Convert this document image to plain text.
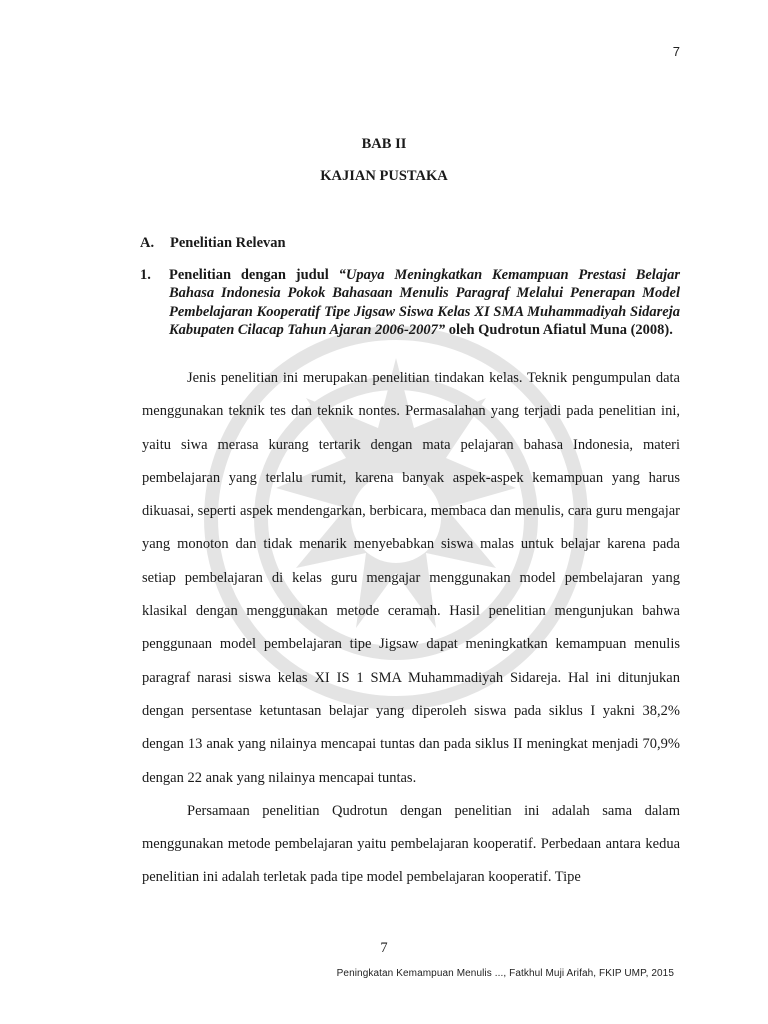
7
BAB II
KAJIAN PUSTAKA
A. Penelitian Relevan
1. Penelitian dengan judul “Upaya Meningkatkan Kemampuan Prestasi Belajar Bahasa Indonesia Pokok Bahasaan Menulis Paragraf Melalui Penerapan Model Pembelajaran Kooperatif Tipe Jigsaw Siswa Kelas XI SMA Muhammadiyah Sidareja Kabupaten Cilacap Tahun Ajaran 2006-2007” oleh Qudrotun Afiatul Muna (2008).

Jenis penelitian ini merupakan penelitian tindakan kelas. Teknik pengumpulan data menggunakan teknik tes dan teknik nontes. Permasalahan yang terjadi pada penelitian ini, yaitu siwa merasa kurang tertarik dengan mata pelajaran bahasa Indonesia, materi pembelajaran yang terlalu rumit, karena banyak aspek-aspek kemampuan yang harus dikuasai, seperti aspek mendengarkan, berbicara, membaca dan menulis, cara guru mengajar yang monoton dan tidak menarik menyebabkan siswa malas untuk belajar karena pada setiap pembelajaran di kelas guru mengajar menggunakan model pembelajaran yang klasikal dengan menggunakan metode ceramah. Hasil penelitian mengunjukan bahwa penggunaan model pembelajaran tipe Jigsaw dapat meningkatkan kemampuan menulis paragraf narasi siswa kelas XI IS 1 SMA Muhammadiyah Sidareja. Hal ini ditunjukan dengan persentase ketuntasan belajar yang diperoleh siswa pada siklus I yakni 38,2% dengan 13 anak yang nilainya mencapai tuntas dan pada siklus II meningkat menjadi 70,9% dengan 22 anak yang nilainya mencapai tuntas.

Persamaan penelitian Qudrotun dengan penelitian ini adalah sama dalam menggunakan metode pembelajaran yaitu pembelajaran kooperatif. Perbedaan antara kedua penelitian ini adalah terletak pada tipe model pembelajaran kooperatif. Tipe

7
Peningkatan Kemampuan Menulis ..., Fatkhul Muji Arifah, FKIP UMP, 2015
